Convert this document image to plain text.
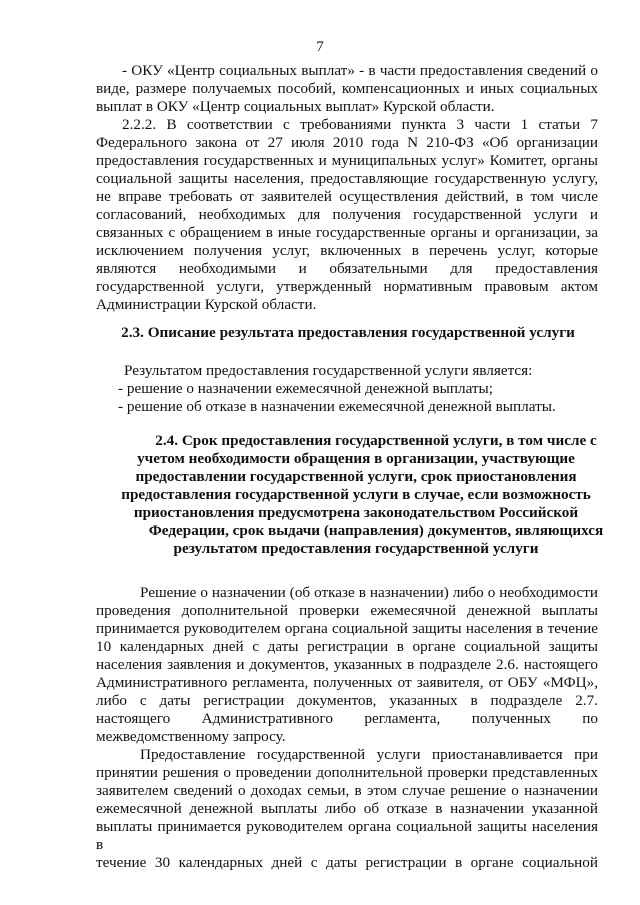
7
- ОКУ «Центр социальных выплат» - в части предоставления сведений о
виде, размере получаемых пособий, компенсационных и иных социальных
выплат в ОКУ «Центр социальных выплат» Курской области.
2.2.2. В соответствии с требованиями пункта 3 части 1 статьи 7
Федерального закона от 27 июля 2010 года N 210-ФЗ «Об организации
предоставления государственных и муниципальных услуг» Комитет, органы
социальной защиты населения, предоставляющие государственную услугу,
не вправе требовать от заявителей осуществления действий, в том числе
согласований, необходимых для получения государственной услуги и
связанных с обращением в иные государственные органы и организации, за
исключением получения услуг, включенных в перечень услуг, которые
являются необходимыми и обязательными для предоставления
государственной услуги, утвержденный нормативным правовым актом
Администрации Курской области.
2.3. Описание результата предоставления государственной услуги
Результатом предоставления государственной услуги является:
- решение о назначении ежемесячной денежной выплаты;
- решение об отказе в назначении ежемесячной денежной выплаты.
2.4. Срок предоставления государственной услуги, в том числе с
учетом необходимости обращения в организации, участвующие
предоставлении государственной услуги, срок приостановления
предоставления государственной услуги в случае, если возможность
приостановления предусмотрена законодательством Российской
Федерации, срок выдачи (направления) документов, являющихся
результатом предоставления государственной услуги
Решение о назначении (об отказе в назначении) либо о необходимости
проведения дополнительной проверки ежемесячной денежной выплаты
принимается руководителем органа социальной защиты населения в течение
10 календарных дней с даты регистрации в органе социальной защиты
населения заявления и документов, указанных в подразделе 2.6. настоящего
Административного регламента, полученных от заявителя, от ОБУ «МФЦ»,
либо с даты регистрации документов, указанных в подразделе 2.7.
настоящего Административного регламента, полученных по
межведомственному запросу.
Предоставление государственной услуги приостанавливается при
принятии решения о проведении дополнительной проверки представленных
заявителем сведений о доходах семьи, в этом случае решение о назначении
ежемесячной денежной выплаты либо об отказе в назначении указанной
выплаты принимается руководителем органа социальной защиты населения в
течение 30 календарных дней с даты регистрации в органе социальной
